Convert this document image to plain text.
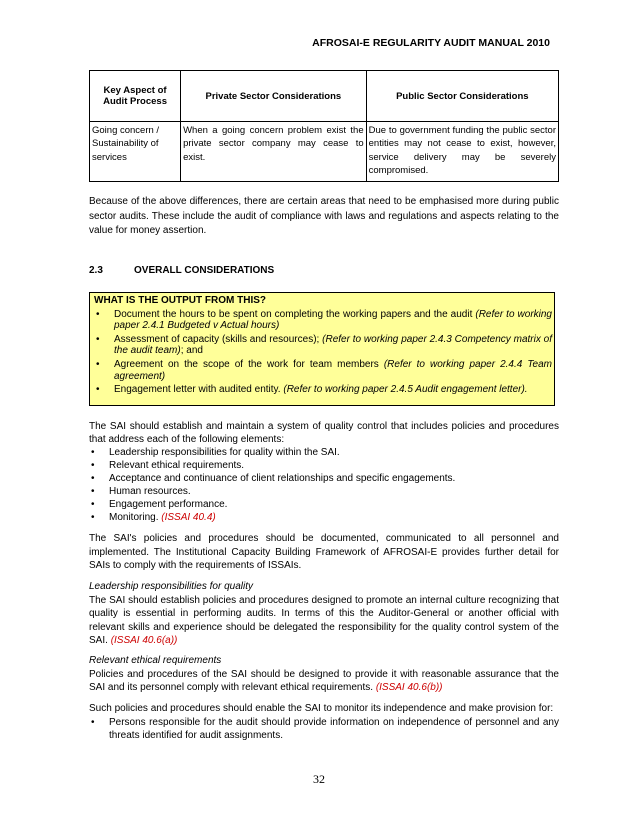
AFROSAI-E REGULARITY AUDIT MANUAL 2010
Key Aspect of Audit Process	Private Sector Considerations	Public Sector Considerations
Going concern / Sustainability of services	When a going concern problem exist the private sector company may cease to exist.	Due to government funding the public sector entities may not cease to exist, however, service delivery may be severely compromised.
Because of the above differences, there are certain areas that need to be emphasised more during public sector audits. These include the audit of compliance with laws and regulations and aspects relating to the value for money assertion.
2.3	OVERALL CONSIDERATIONS
WHAT IS THE OUTPUT FROM THIS?
• Document the hours to be spent on completing the working papers and the audit (Refer to working paper 2.4.1 Budgeted v Actual hours)
• Assessment of capacity (skills and resources); (Refer to working paper 2.4.3 Competency matrix of the audit team); and
• Agreement on the scope of the work for team members (Refer to working paper 2.4.4 Team agreement)
• Engagement letter with audited entity. (Refer to working paper 2.4.5 Audit engagement letter).
The SAI should establish and maintain a system of quality control that includes policies and procedures that address each of the following elements:
• Leadership responsibilities for quality within the SAI.
• Relevant ethical requirements.
• Acceptance and continuance of client relationships and specific engagements.
• Human resources.
• Engagement performance.
• Monitoring. (ISSAI 40.4)
The SAI's policies and procedures should be documented, communicated to all personnel and implemented. The Institutional Capacity Building Framework of AFROSAI-E provides further detail for SAIs to comply with the requirements of ISSAIs.
Leadership responsibilities for quality
The SAI should establish policies and procedures designed to promote an internal culture recognizing that quality is essential in performing audits. In terms of this the Auditor-General or another official with relevant skills and experience should be delegated the responsibility for the quality control system of the SAI. (ISSAI 40.6(a))
Relevant ethical requirements
Policies and procedures of the SAI should be designed to provide it with reasonable assurance that the SAI and its personnel comply with relevant ethical requirements. (ISSAI 40.6(b))
Such policies and procedures should enable the SAI to monitor its independence and make provision for:
• Persons responsible for the audit should provide information on independence of personnel and any threats identified for audit assignments.
32
